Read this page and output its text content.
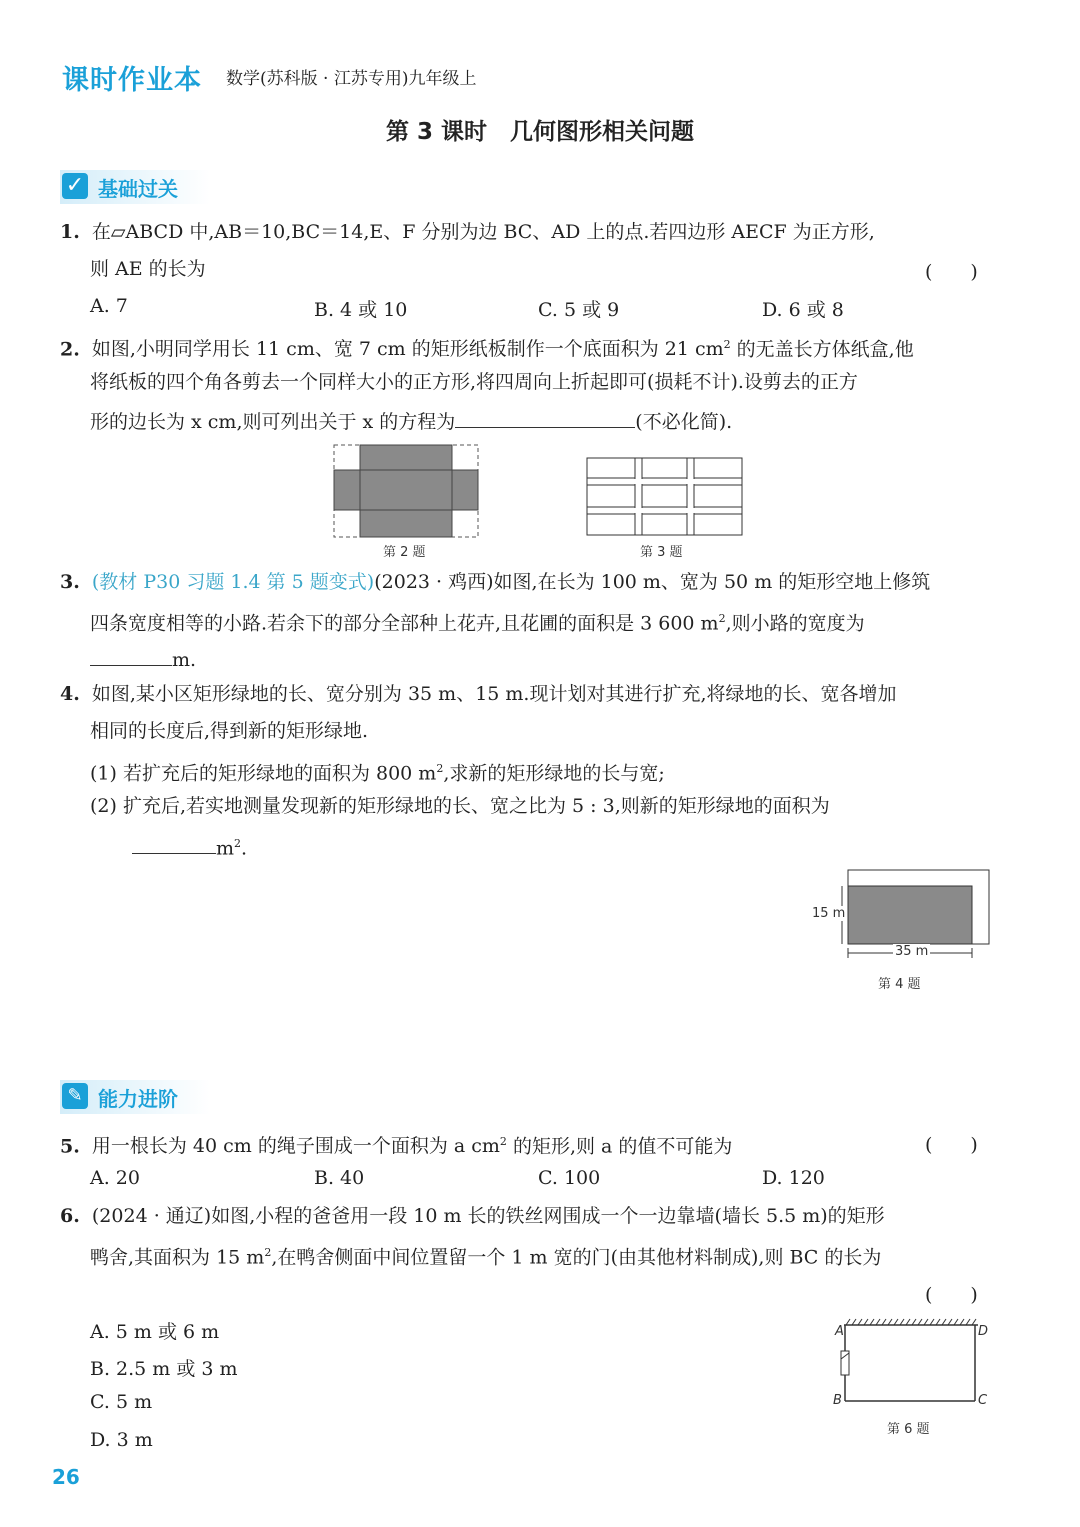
课时作业本 数学(苏科版 · 江苏专用)九年级上
第 3 课时　几何图形相关问题
✓ 基础过关
1. 在▱ABCD 中,AB＝10,BC＝14,E、F 分别为边 BC、AD 上的点.若四边形 AECF 为正方形,
则 AE 的长为	(　　)
A. 7	B. 4 或 10	C. 5 或 9	D. 6 或 8
2. 如图,小明同学用长 11 cm、宽 7 cm 的矩形纸板制作一个底面积为 21 $cm^2$ 的无盖长方体纸盒,他
将纸板的四个角各剪去一个同样大小的正方形,将四周向上折起即可(损耗不计).设剪去的正方
形的边长为 x cm,则可列出关于 x 的方程为	(不必化简).
第 2 题	第 3 题
3. (教材 P30 习题 1.4 第 5 题变式)(2023 · 鸡西)如图,在长为 100 m、宽为 50 m 的矩形空地上修筑
四条宽度相等的小路.若余下的部分全部种上花卉,且花圃的面积是 3 600 $m^2$,则小路的宽度为
m.
4. 如图,某小区矩形绿地的长、宽分别为 35 m、15 m.现计划对其进行扩充,将绿地的长、宽各增加
相同的长度后,得到新的矩形绿地.
(1) 若扩充后的矩形绿地的面积为 800 $m^2$,求新的矩形绿地的长与宽;
(2) 扩充后,若实地测量发现新的矩形绿地的长、宽之比为 5 : 3,则新的矩形绿地的面积为
$m^2$.
15 m
35 m
第 4 题
✎ 能力进阶
5. 用一根长为 40 cm 的绳子围成一个面积为 a $cm^2$ 的矩形,则 a 的值不可能为	(　　)
A. 20	B. 40	C. 100	D. 120
6. (2024 · 通辽)如图,小程的爸爸用一段 10 m 长的铁丝网围成一个一边靠墙(墙长 5.5 m)的矩形
鸭舍,其面积为 15 $m^2$,在鸭舍侧面中间位置留一个 1 m 宽的门(由其他材料制成),则 BC 的长为
(　　)
A. 5 m 或 6 m
B. 2.5 m 或 3 m
C. 5 m
D. 3 m
A	D
B	C
第 6 题
26
